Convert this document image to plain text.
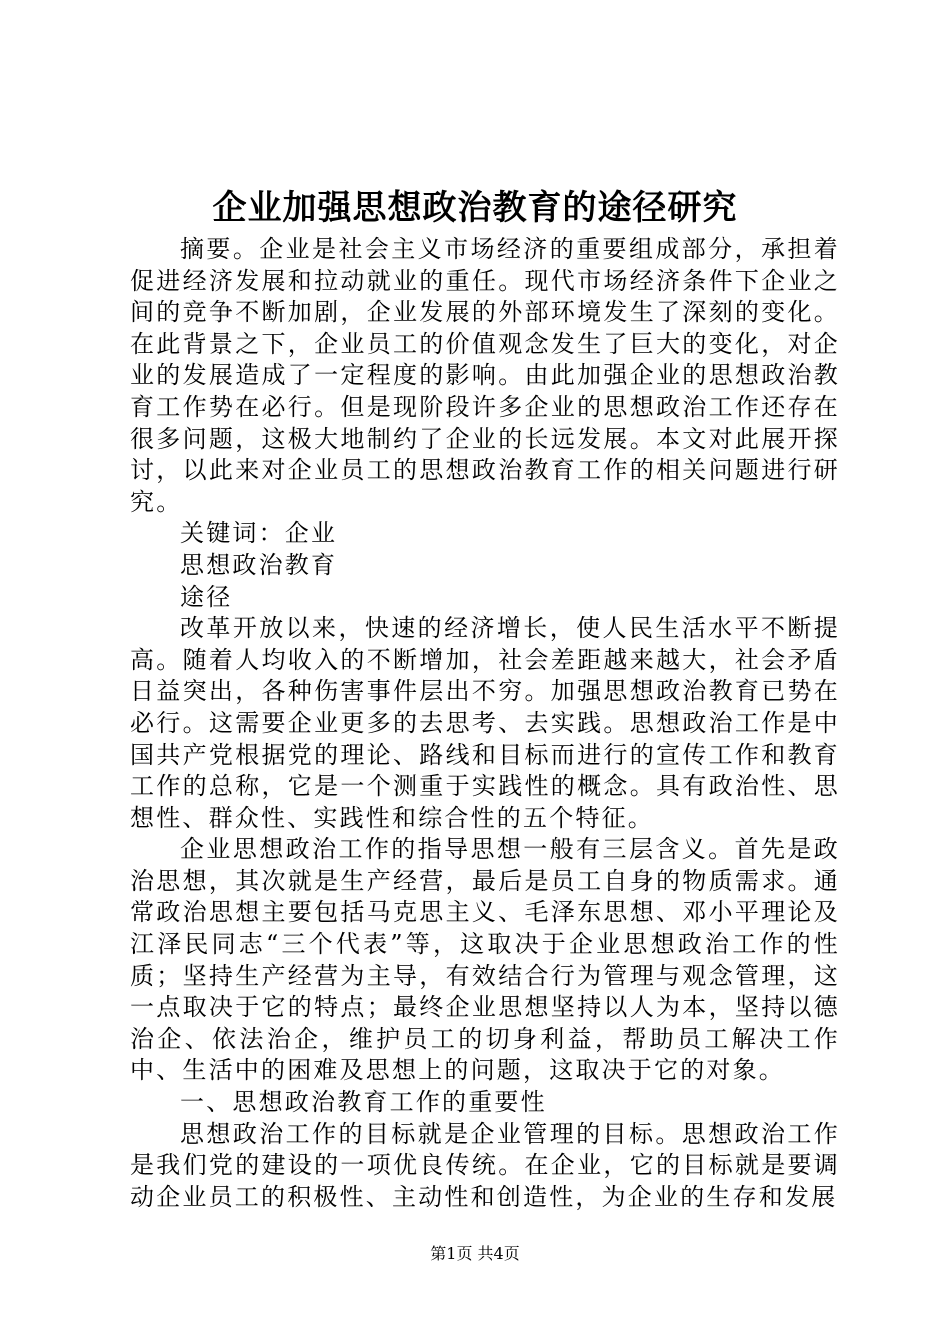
企业加强思想政治教育的途径研究

摘要。企业是社会主义市场经济的重要组成部分，承担着促进经济发展和拉动就业的重任。现代市场经济条件下企业之间的竞争不断加剧，企业发展的外部环境发生了深刻的变化。在此背景之下，企业员工的价值观念发生了巨大的变化，对企业的发展造成了一定程度的影响。由此加强企业的思想政治教育工作势在必行。但是现阶段许多企业的思想政治工作还存在很多问题，这极大地制约了企业的长远发展。本文对此展开探讨，以此来对企业员工的思想政治教育工作的相关问题进行研究。

关键词：企业

思想政治教育

途径

改革开放以来，快速的经济增长，使人民生活水平不断提高。随着人均收入的不断增加，社会差距越来越大，社会矛盾日益突出，各种伤害事件层出不穷。加强思想政治教育已势在必行。这需要企业更多的去思考、去实践。思想政治工作是中国共产党根据党的理论、路线和目标而进行的宣传工作和教育工作的总称，它是一个测重于实践性的概念。具有政治性、思想性、群众性、实践性和综合性的五个特征。

企业思想政治工作的指导思想一般有三层含义。首先是政治思想，其次就是生产经营，最后是员工自身的物质需求。通常政治思想主要包括马克思主义、毛泽东思想、邓小平理论及江泽民同志“三个代表”等，这取决于企业思想政治工作的性质；坚持生产经营为主导，有效结合行为管理与观念管理，这一点取决于它的特点；最终企业思想坚持以人为本，坚持以德治企、依法治企，维护员工的切身利益，帮助员工解决工作中、生活中的困难及思想上的问题，这取决于它的对象。

一、思想政治教育工作的重要性

思想政治工作的目标就是企业管理的目标。思想政治工作是我们党的建设的一项优良传统。在企业，它的目标就是要调动企业员工的积极性、主动性和创造性，为企业的生存和发展

第1页 共4页
